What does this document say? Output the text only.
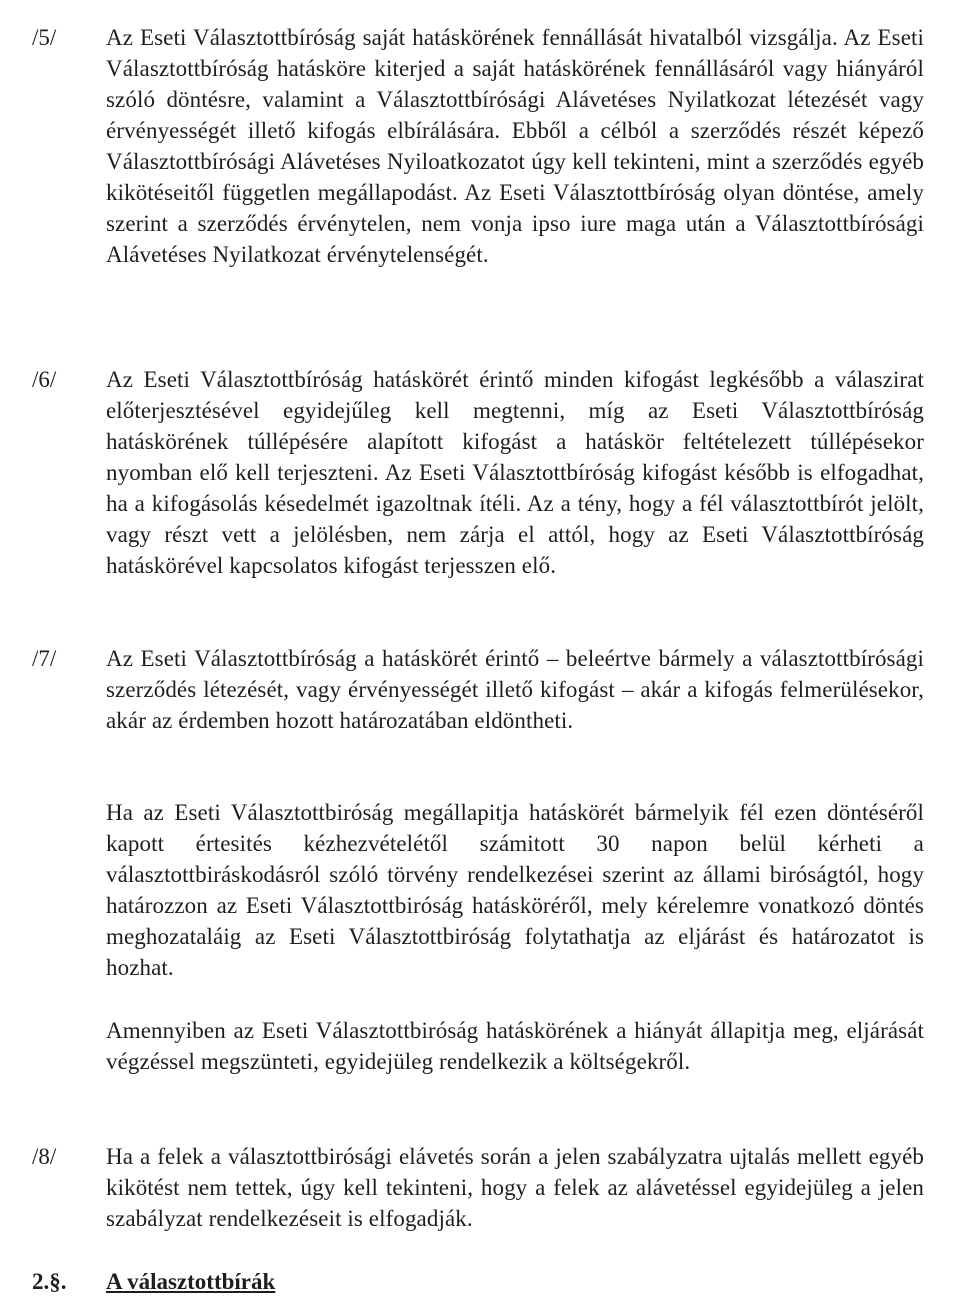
/5/ Az Eseti Választottbíróság saját hatáskörének fennállását hivatalból vizsgálja. Az Eseti Választottbíróság hatásköre kiterjed a saját hatáskörének fennállásáról vagy hiányáról szóló döntésre, valamint a Választottbírósági Alávetéses Nyilatkozat létezését vagy érvényességét illető kifogás elbírálására. Ebből a célból a szerződés részét képező Választottbírósági Alávetéses Nyiloatkozatot úgy kell tekinteni, mint a szerződés egyéb kikötéseitől független megállapodást. Az Eseti Választottbíróság olyan döntése, amely szerint a szerződés érvénytelen, nem vonja ipso iure maga után a Választottbírósági Alávetéses Nyilatkozat érvénytelenségét.
/6/ Az Eseti Választottbíróság hatáskörét érintő minden kifogást legkésőbb a válaszirat előterjesztésével egyidejűleg kell megtenni, míg az Eseti Választottbíróság hatáskörének túllépésére alapított kifogást a hatáskör feltételezett túllépésekor nyomban elő kell terjeszteni. Az Eseti Választottbíróság kifogást később is elfogadhat, ha a kifogásolás késedelmét igazoltnak ítéli. Az a tény, hogy a fél választottbírót jelölt, vagy részt vett a jelölésben, nem zárja el attól, hogy az Eseti Választottbíróság hatáskörével kapcsolatos kifogást terjesszen elő.
/7/ Az Eseti Választottbíróság a hatáskörét érintő – beleértve bármely a választottbírósági szerződés létezését, vagy érvényességét illető kifogást – akár a kifogás felmerülésekor, akár az érdemben hozott határozatában eldöntheti.
Ha az Eseti Választottbiróság megállapitja hatáskörét bármelyik fél ezen döntéséről kapott értesités kézhezvételétől számitott 30 napon belül kérheti a választottbiráskodásról szóló törvény rendelkezései szerint az állami biróságtól, hogy határozzon az Eseti Választottbiróság hatásköréről, mely kérelemre vonatkozó döntés meghozataláig az Eseti Választottbiróság folytathatja az eljárást és határozatot is hozhat.
Amennyiben az Eseti Választottbiróság hatáskörének a hiányát állapitja meg, eljárását végzéssel megszünteti, egyidejüleg rendelkezik a költségekről.
/8/ Ha a felek a választottbirósági elávetés során a jelen szabályzatra ujtalás mellett egyéb kikötést nem tettek, úgy kell tekinteni, hogy a felek az alávetéssel egyidejüleg a jelen szabályzat rendelkezéseit is elfogadják.
2.§. A választottbírák
